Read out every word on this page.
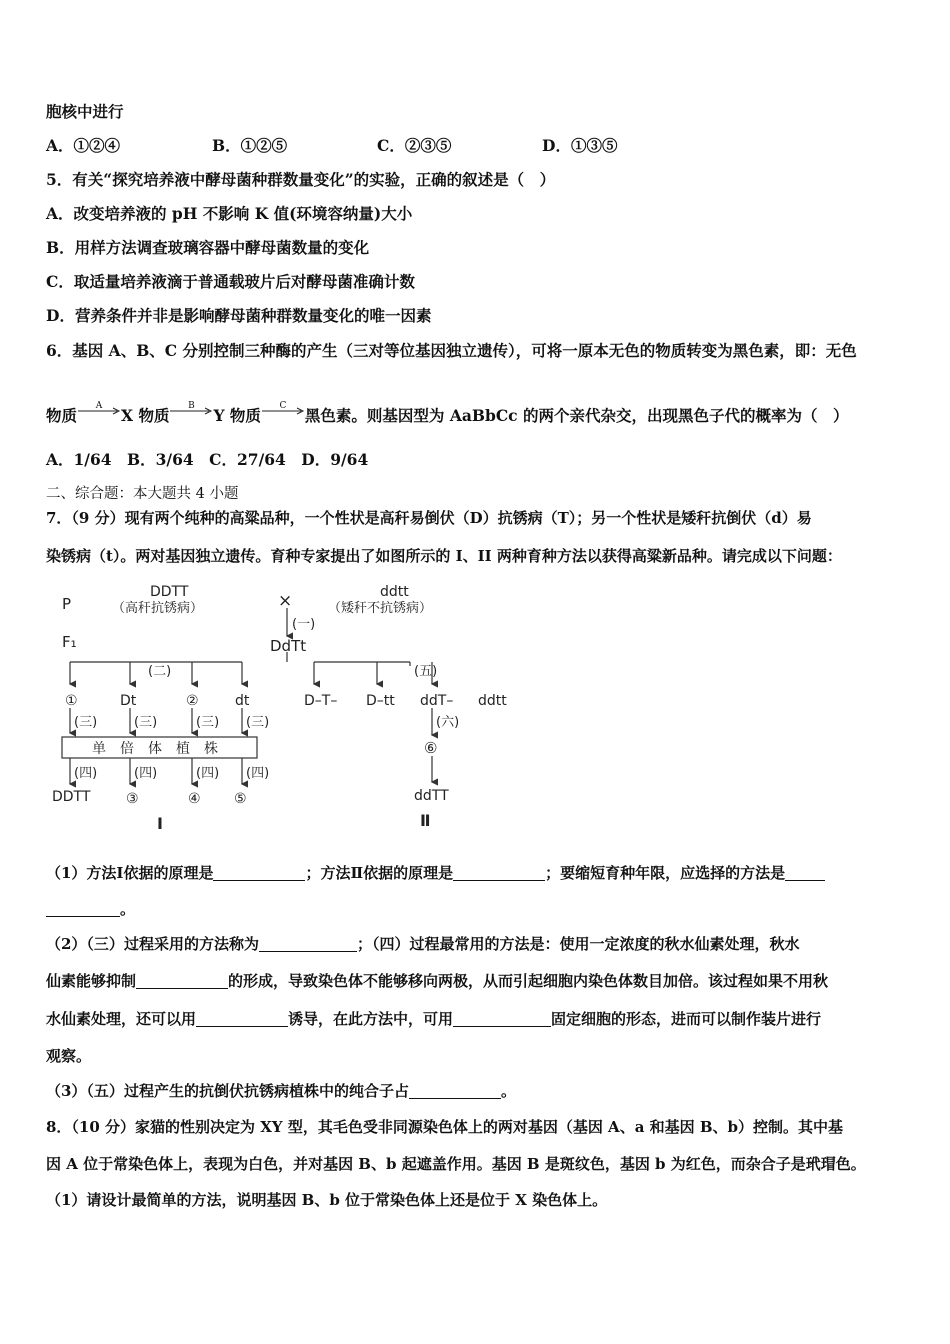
胞核中进行
A．①②④	B．①②⑤	C．②③⑤	D．①③⑤
5．有关“探究培养液中酵母菌种群数量变化”的实验，正确的叙述是（　）
A．改变培养液的 pH 不影响 K 值(环境容纳量)大小
B．用样方法调查玻璃容器中酵母菌数量的变化
C．取适量培养液滴于普通载玻片后对酵母菌准确计数
D．营养条件并非是影响酵母菌种群数量变化的唯一因素
6．基因 A、B、C 分别控制三种酶的产生（三对等位基因独立遗传），可将一原本无色的物质转变为黑色素，即：无色
物质	A	X 物质	B	Y 物质	C	黑色素。则基因型为 AaBbCc 的两个亲代杂交，出现黑色子代的概率为（　）
A．1/64　B．3/64　C．27/64　D．9/64
二、综合题：本大题共 4 小题
7．（9 分）现有两个纯种的高粱品种，一个性状是高秆易倒伏（D）抗锈病（T）；另一个性状是矮秆抗倒伏（d）易
染锈病（t）。两对基因独立遗传。育种专家提出了如图所示的 I、II 两种育种方法以获得高粱新品种。请完成以下问题：
P
F₁
DDTT
（高秆抗锈病）	×	ddtt
（矮秆不抗锈病）
(一)
DdTt
(二)	(五)
①	Dt	②	dt
(三)	(三)	(三) (三)
单　倍　体　植　株
(四)	(四)	(四) (四)
DDTT	③	④ ⑤
D–T– D–tt ddT– ddtt
(六)
⑥
ddTT
I	Ⅱ
（1）方法Ⅰ依据的原理是	；方法Ⅱ依据的原理是	；要缩短育种年限，应选择的方法是
。
（2）（三）过程采用的方法称为	；（四）过程最常用的方法是：使用一定浓度的秋水仙素处理，秋水
仙素能够抑制	的形成，导致染色体不能够移向两极，从而引起细胞内染色体数目加倍。该过程如果不用秋
水仙素处理，还可以用	诱导，在此方法中，可用	固定细胞的形态，进而可以制作装片进行
观察。
（3）（五）过程产生的抗倒伏抗锈病植株中的纯合子占	。
8．（10 分）家猫的性别决定为 XY 型，其毛色受非同源染色体上的两对基因（基因 A、a 和基因 B、b）控制。其中基
因 A 位于常染色体上，表现为白色，并对基因 B、b 起遮盖作用。基因 B 是斑纹色，基因 b 为红色，而杂合子是玳瑁色。
（1）请设计最简单的方法，说明基因 B、b 位于常染色体上还是位于 X 染色体上。
